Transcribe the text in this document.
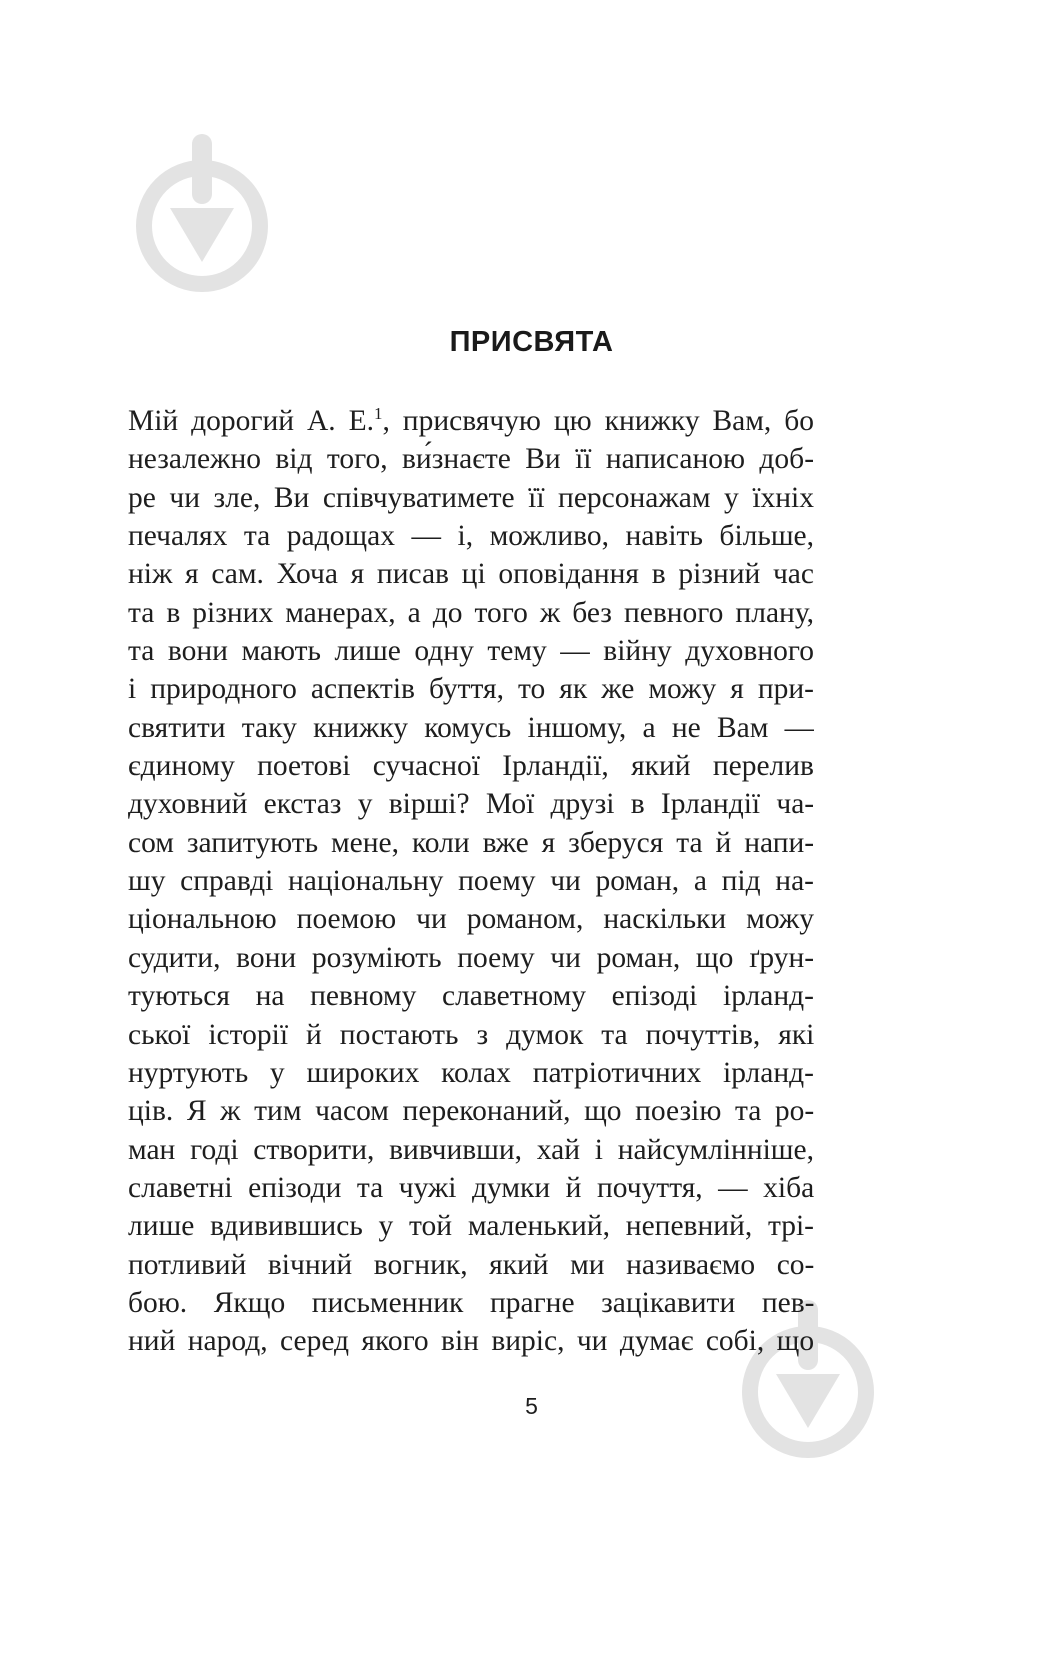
ПРИСВЯТА
Мій дорогий А. Е.$^1$, присвячую цю книжку Вам, бо
незалежно від того, ви́знаєте Ви її написаною доб-
ре чи зле, Ви співчуватимете її персонажам у їхніх
печалях та радощах — і, можливо, навіть більше,
ніж я сам. Хоча я писав ці оповідання в різний час
та в різних манерах, а до того ж без певного плану,
та вони мають лише одну тему — війну духовного
і природного аспектів буття, то як же можу я при-
святити таку книжку комусь іншому, а не Вам —
єдиному поетові сучасної Ірландії, який перелив
духовний екстаз у вірші? Мої друзі в Ірландії ча-
сом запитують мене, коли вже я зберуся та й напи-
шу справді національну поему чи роман, а під на-
ціональною поемою чи романом, наскільки можу
судити, вони розуміють поему чи роман, що ґрун-
туються на певному славетному епізоді ірланд-
ської історії й постають з думок та почуттів, які
нуртують у широких колах патріотичних ірланд-
ців. Я ж тим часом переконаний, що поезію та ро-
ман годі створити, вивчивши, хай і найсумлінніше,
славетні епізоди та чужі думки й почуття, — хіба
лише вдивившись у той маленький, непевний, трі-
потливий вічний вогник, який ми називаємо со-
бою. Якщо письменник прагне зацікавити пев-
ний народ, серед якого він виріс, чи думає собі, що
5
